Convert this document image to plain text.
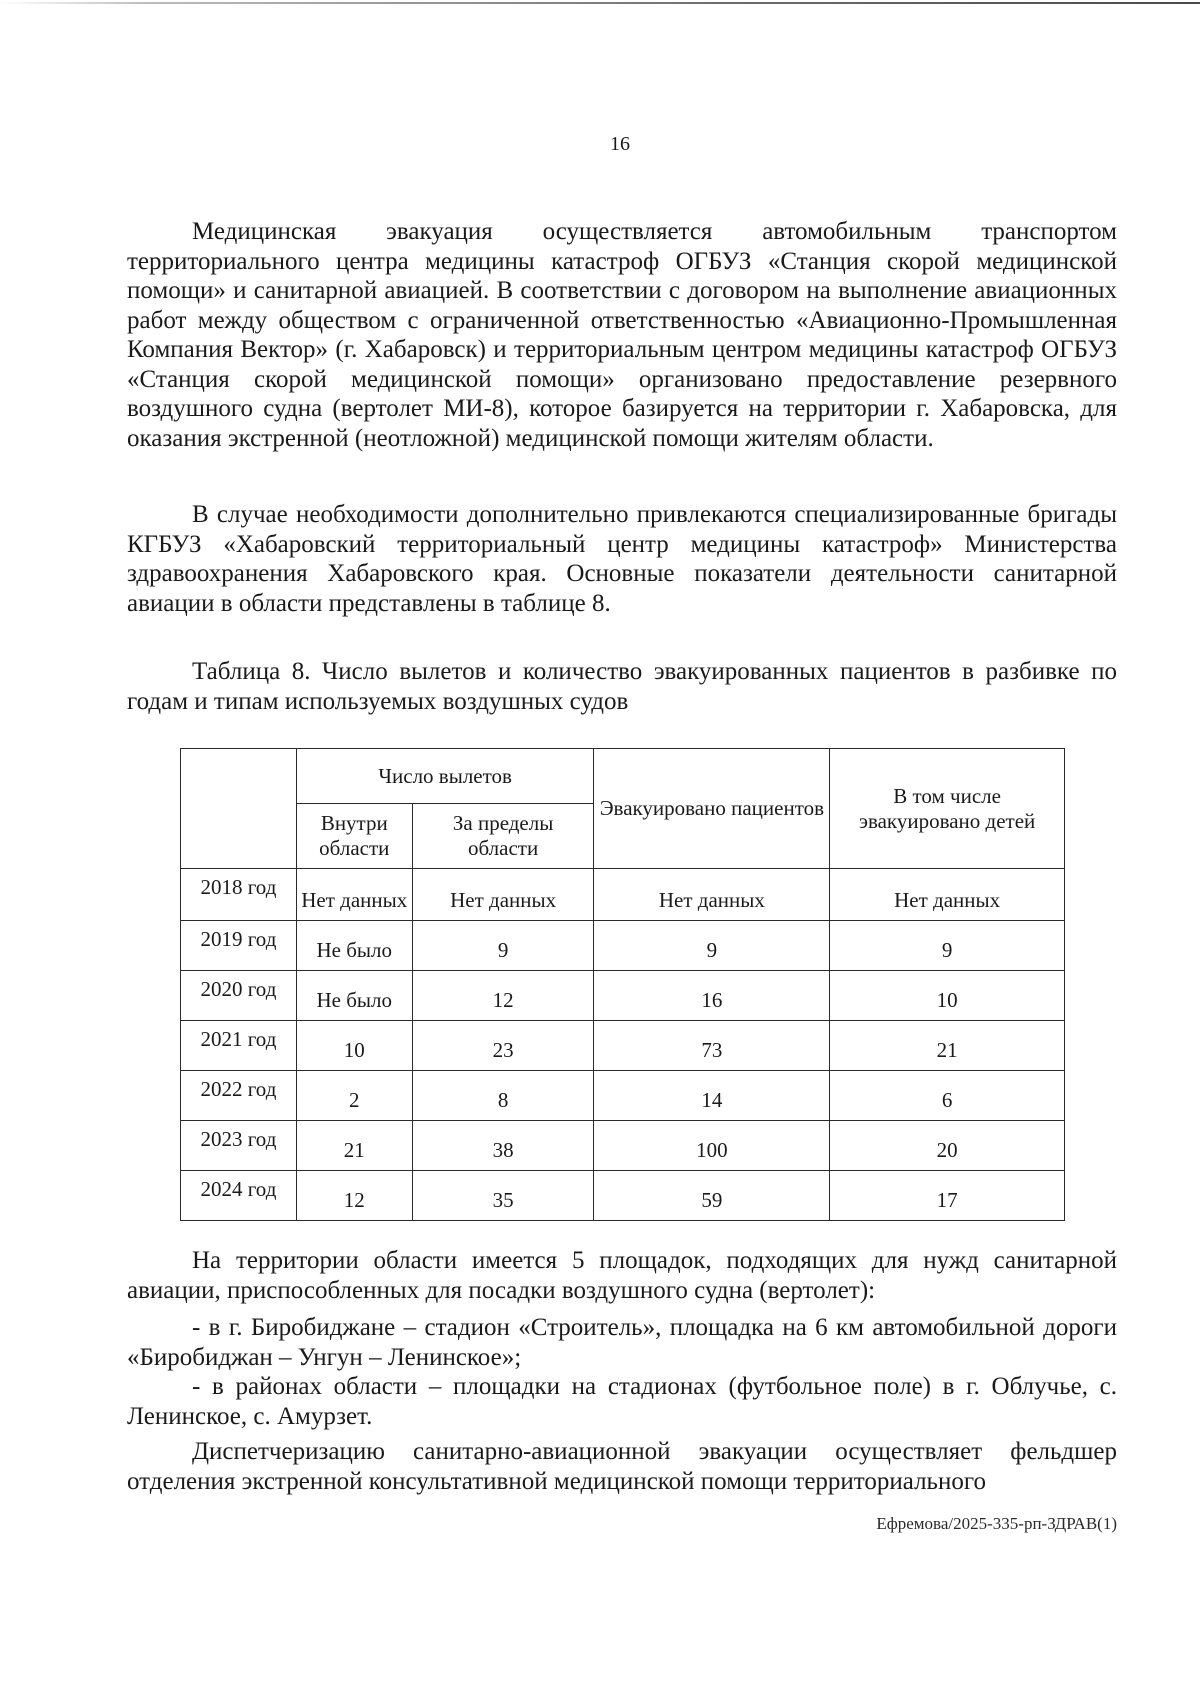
16

Медицинская эвакуация осуществляется автомобильным транспортом территориального центра медицины катастроф ОГБУЗ «Станция скорой медицинской помощи» и санитарной авиацией. В соответствии с договором на выполнение авиационных работ между обществом с ограниченной ответственностью «Авиационно-Промышленная Компания Вектор» (г. Хабаровск) и территориальным центром медицины катастроф ОГБУЗ «Станция скорой медицинской помощи» организовано предоставление резервного воздушного судна (вертолет МИ-8), которое базируется на территории г. Хабаровска, для оказания экстренной (неотложной) медицинской помощи жителям области.

В случае необходимости дополнительно привлекаются специализированные бригады КГБУЗ «Хабаровский территориальный центр медицины катастроф» Министерства здравоохранения Хабаровского края. Основные показатели деятельности санитарной авиации в области представлены в таблице 8.

Таблица 8. Число вылетов и количество эвакуированных пациентов в разбивке по годам и типам используемых воздушных судов

	Число вылетов		Эвакуировано пациентов	В том числе эвакуировано детей
	Внутри области	За пределы области		
2018 год	Нет данных	Нет данных	Нет данных	Нет данных
2019 год	Не было	9	9	9
2020 год	Не было	12	16	10
2021 год	10	23	73	21
2022 год	2	8	14	6
2023 год	21	38	100	20
2024 год	12	35	59	17

На территории области имеется 5 площадок, подходящих для нужд санитарной авиации, приспособленных для посадки воздушного судна (вертолет):

- в г. Биробиджане – стадион «Строитель», площадка на 6 км автомобильной дороги «Биробиджан – Унгун – Ленинское»;

- в районах области – площадки на стадионах (футбольное поле) в г. Облучье, с. Ленинское, с. Амурзет.

Диспетчеризацию санитарно-авиационной эвакуации осуществляет фельдшер отделения экстренной консультативной медицинской помощи территориального

Ефремова/2025-335-рп-ЗДРАВ(1)
